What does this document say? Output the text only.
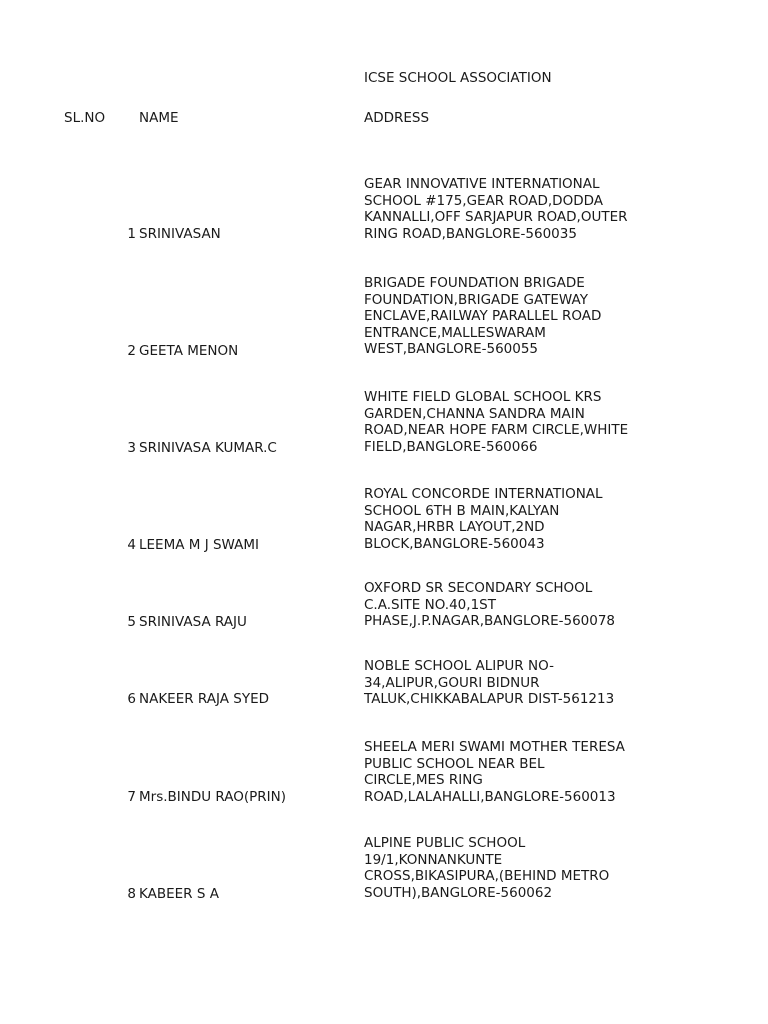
ICSE SCHOOL ASSOCIATION
SL.NO	NAME	ADDRESS
1 SRINIVASAN
GEAR INNOVATIVE INTERNATIONAL
SCHOOL #175,GEAR ROAD,DODDA
KANNALLI,OFF SARJAPUR ROAD,OUTER
RING ROAD,BANGLORE-560035
2 GEETA MENON
BRIGADE FOUNDATION BRIGADE
FOUNDATION,BRIGADE GATEWAY
ENCLAVE,RAILWAY PARALLEL ROAD
ENTRANCE,MALLESWARAM
WEST,BANGLORE-560055
3 SRINIVASA KUMAR.C
WHITE FIELD GLOBAL SCHOOL KRS
GARDEN,CHANNA SANDRA MAIN
ROAD,NEAR HOPE FARM CIRCLE,WHITE
FIELD,BANGLORE-560066
4 LEEMA M J SWAMI
ROYAL CONCORDE INTERNATIONAL
SCHOOL 6TH B MAIN,KALYAN
NAGAR,HRBR LAYOUT,2ND
BLOCK,BANGLORE-560043
5 SRINIVASA RAJU
OXFORD SR SECONDARY SCHOOL
C.A.SITE NO.40,1ST
PHASE,J.P.NAGAR,BANGLORE-560078
6 NAKEER RAJA SYED
NOBLE SCHOOL ALIPUR NO-
34,ALIPUR,GOURI BIDNUR
TALUK,CHIKKABALAPUR DIST-561213
7 Mrs.BINDU RAO(PRIN)
SHEELA MERI SWAMI MOTHER TERESA
PUBLIC SCHOOL NEAR BEL
CIRCLE,MES RING
ROAD,LALAHALLI,BANGLORE-560013
8 KABEER S A
ALPINE PUBLIC SCHOOL
19/1,KONNANKUNTE
CROSS,BIKASIPURA,(BEHIND METRO
SOUTH),BANGLORE-560062
